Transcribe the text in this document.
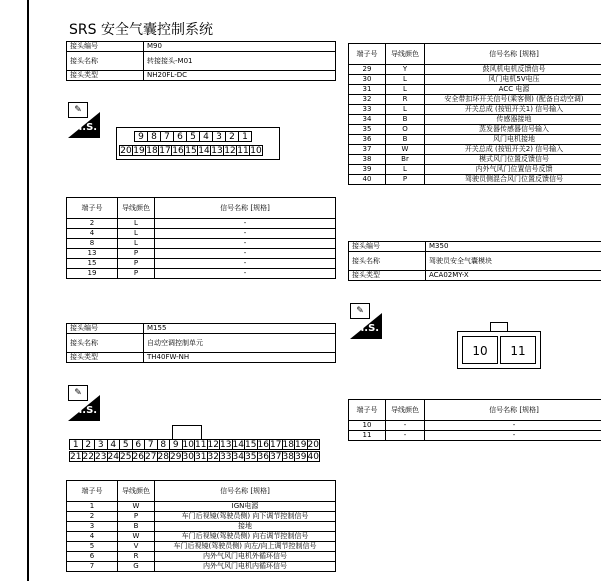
SRS 安全气囊控制系统
接头编号	M90
接头名称	转接接头-M01
接头类型	NH20FL-DC
✎
T.S.
9 8 7 6 5 4 3 2 1
20 19 18 17 16 15 14 13 12 11 10
端子号	导线颜色	信号名称 [规格]
2	L	-
4	L	-
8	L	-
13	P	-
15	P	-
19	P	-
接头编号	M155
接头名称	自动空调控制单元
接头类型	TH40FW-NH
✎
T.S.
1 2 3 4 5 6 7 8 9 10 11 12 13 14 15 16 17 18 19 20
21 22 23 24 25 26 27 28 29 30 31 32 33 34 35 36 37 38 39 40
端子号	导线颜色	信号名称 [规格]
1	W	IGN电源
2	P	车门后视镜(驾驶员侧) 向下调节控制信号
3	B	接地
4	W	车门后视镜(驾驶员侧) 向右调节控制信号
5	V	车门后视镜(驾驶员侧) 向左/向上调节控制信号
6	R	内外气风门电机外循环信号
7	G	内外气风门电机内循环信号
端子号	导线颜色	信号名称 [规格]
29	Y	鼓风机电机反馈信号
30	L	风门电机5V电压
31	L	ACC 电源
32	R	安全带扣环开关信号(乘客侧) (配备自动空调)
33	L	开关总成 (按钮开关1) 信号输入
34	B	传感器接地
35	O	蒸发器传感器信号输入
36	B	风门电机接地
37	W	开关总成 (按钮开关2) 信号输入
38	Br	模式风门位置反馈信号
39	L	内外气风门位置信号反馈
40	P	驾驶员侧混合风门位置反馈信号
接头编号	M350
接头名称	驾驶员安全气囊模块
接头类型	ACA02MY-X
✎
T.S.
10	11
端子号	导线颜色	信号名称 [规格]
10	-	-
11	-	-
